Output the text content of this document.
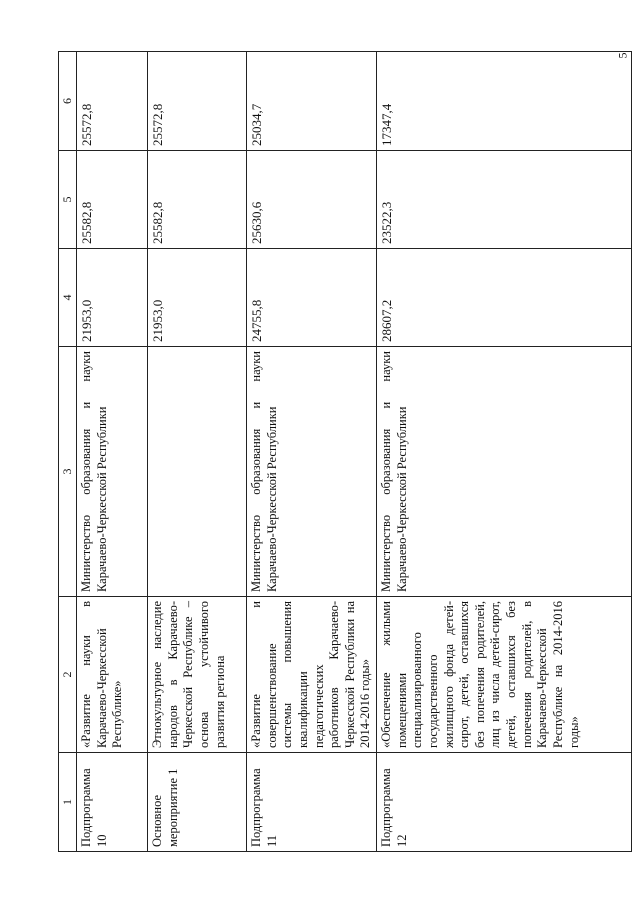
5
1	2	3	4	5	6
Подпрограмма 10	«Развитие науки в Карачаево-Черкесской Республике»	Министерство образования и науки Карачаево-Черкесской Республики	21953,0	25582,8	25572,8
Основное мероприятие 1	Этнокультурное наследие народов в Карачаево-Черкесской Республике – основа устойчивого развития региона		21953,0	25582,8	25572,8
Подпрограмма 11	«Развитие и совершенствование системы повышения квалификации педагогических работников Карачаево-Черкесской Республики на 2014-2016 годы»	Министерство образования и науки Карачаево-Черкесской Республики	24755,8	25630,6	25034,7
Подпрограмма 12	«Обеспечение жилыми помещениями специализированного государственного жилищного фонда детей-сирот, детей, оставшихся без попечения родителей, лиц из числа детей-сирот, детей, оставшихся без попечения родителей, в Карачаево-Черкесской Республике на 2014-2016 годы»	Министерство образования и науки Карачаево-Черкесской Республики	28607,2	23522,3	17347,4
